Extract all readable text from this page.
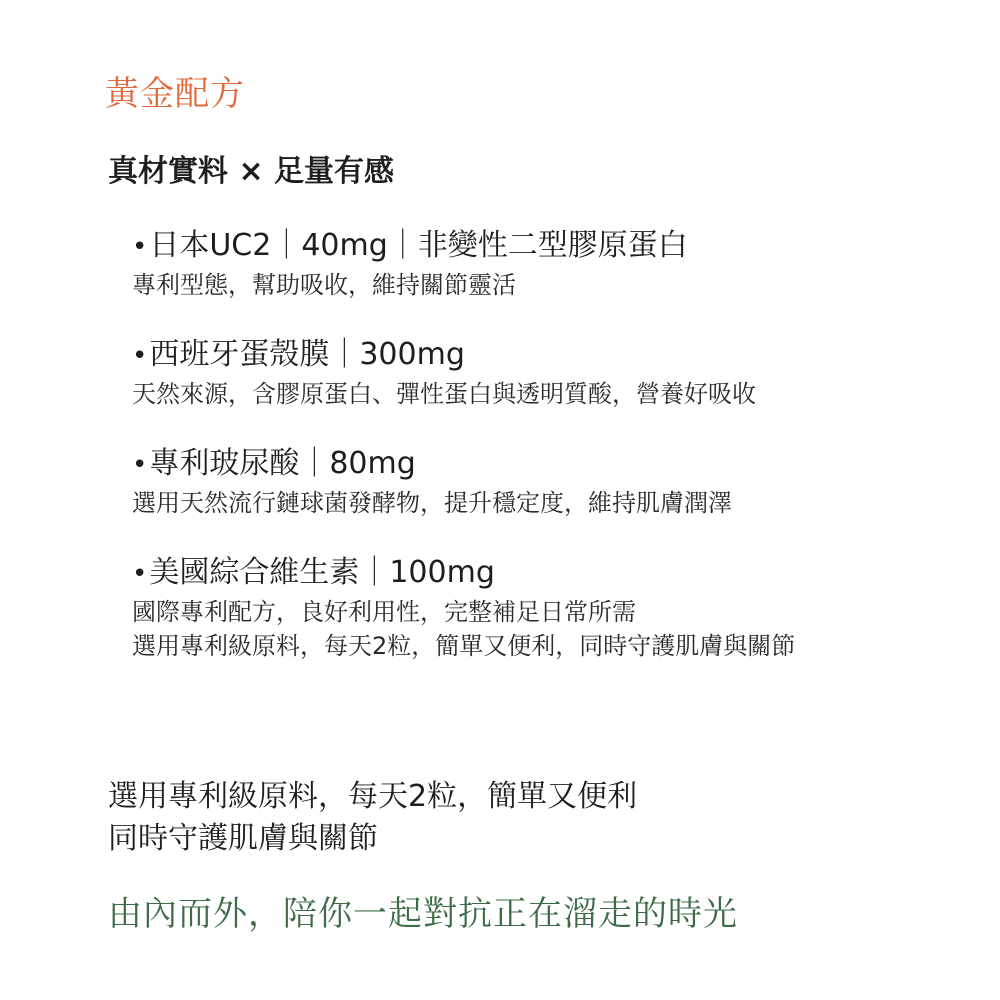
黃金配方
真材實料 × 足量有感
•日本UC2｜40mg｜非變性二型膠原蛋白
專利型態，幫助吸收，維持關節靈活
•西班牙蛋殼膜｜300mg
天然來源，含膠原蛋白、彈性蛋白與透明質酸，營養好吸收
•專利玻尿酸｜80mg
選用天然流行鏈球菌發酵物，提升穩定度，維持肌膚潤澤
•美國綜合維生素｜100mg
國際專利配方，良好利用性，完整補足日常所需
選用專利級原料，每天2粒，簡單又便利，同時守護肌膚與關節
選用專利級原料，每天2粒，簡單又便利
同時守護肌膚與關節
由內而外，陪你一起對抗正在溜走的時光
